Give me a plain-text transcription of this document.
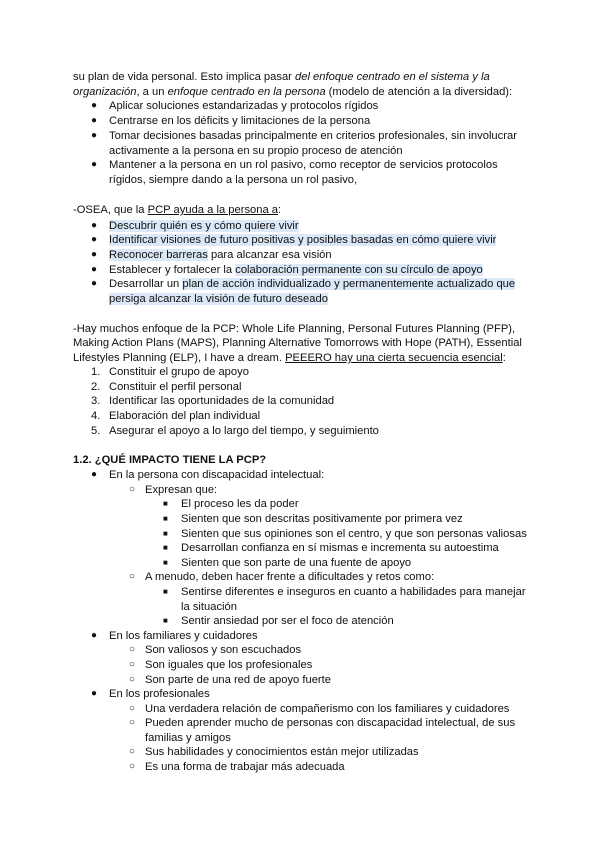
su plan de vida personal. Esto implica pasar del enfoque centrado en el sistema y la
organización, a un enfoque centrado en la persona (modelo de atención a la diversidad):
● Aplicar soluciones estandarizadas y protocolos rígidos
● Centrarse en los déficits y limitaciones de la persona
● Tomar decisiones basadas principalmente en criterios profesionales, sin involucrar
activamente a la persona en su propio proceso de atención
● Mantener a la persona en un rol pasivo, como receptor de servicios protocolos
rígidos, siempre dando a la persona un rol pasivo,
-OSEA, que la PCP ayuda a la persona a:
● Descubrir quién es y cómo quiere vivir
● Identificar visiones de futuro positivas y posibles basadas en cómo quiere vivir
● Reconocer barreras para alcanzar esa visión
● Establecer y fortalecer la colaboración permanente con su círculo de apoyo
● Desarrollar un plan de acción individualizado y permanentemente actualizado que
persiga alcanzar la visión de futuro deseado
-Hay muchos enfoque de la PCP: Whole Life Planning, Personal Futures Planning (PFP),
Making Action Plans (MAPS), Planning Alternative Tomorrows with Hope (PATH), Essential
Lifestyles Planning (ELP), I have a dream. PEEERO hay una cierta secuencia esencial:
1. Constituir el grupo de apoyo
2. Constituir el perfil personal
3. Identificar las oportunidades de la comunidad
4. Elaboración del plan individual
5. Asegurar el apoyo a lo largo del tiempo, y seguimiento
1.2. ¿QUÉ IMPACTO TIENE LA PCP?
● En la persona con discapacidad intelectual:
○ Expresan que:
■ El proceso les da poder
■ Sienten que son descritas positivamente por primera vez
■ Sienten que sus opiniones son el centro, y que son personas valiosas
■ Desarrollan confianza en sí mismas e incrementa su autoestima
■ Sienten que son parte de una fuente de apoyo
○ A menudo, deben hacer frente a dificultades y retos como:
■ Sentirse diferentes e inseguros en cuanto a habilidades para manejar
la situación
■ Sentir ansiedad por ser el foco de atención
● En los familiares y cuidadores
○ Son valiosos y son escuchados
○ Son iguales que los profesionales
○ Son parte de una red de apoyo fuerte
● En los profesionales
○ Una verdadera relación de compañerismo con los familiares y cuidadores
○ Pueden aprender mucho de personas con discapacidad intelectual, de sus
familias y amigos
○ Sus habilidades y conocimientos están mejor utilizadas
○ Es una forma de trabajar más adecuada
